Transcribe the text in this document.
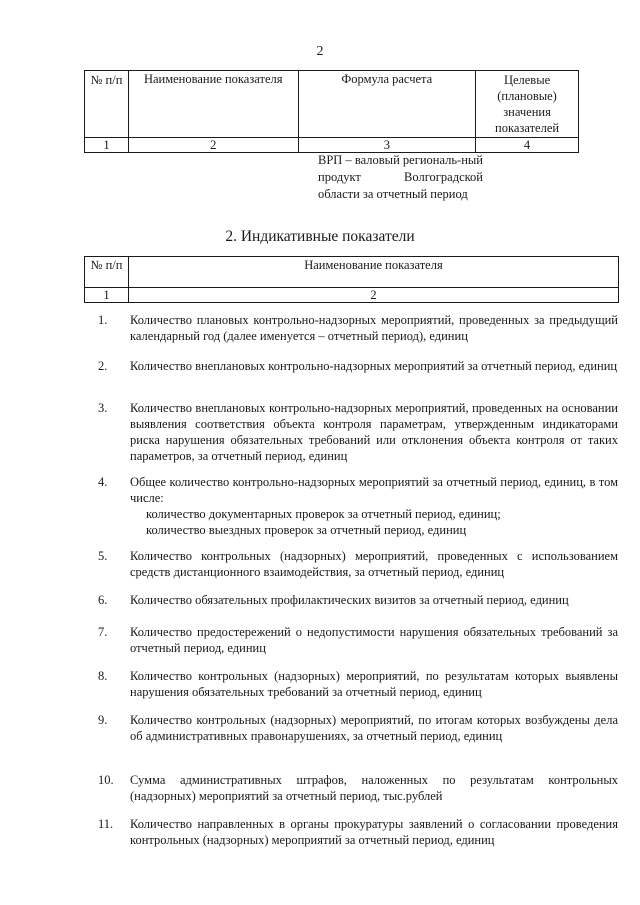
2
№ п/п	Наименование показателя	Формула расчета	Целевые (плановые) значения показателей
1	2	3	4
ВРП – валовый региональ-ный продукт Волгоградской области за отчетный период
2. Индикативные показатели
№ п/п	Наименование показателя
1	2
1.	Количество плановых контрольно-надзорных мероприятий, проведенных за предыдущий календарный год (далее именуется – отчетный период), единиц
2.	Количество внеплановых контрольно-надзорных мероприятий за отчетный период, единиц
3.	Количество внеплановых контрольно-надзорных мероприятий, проведенных на основании выявления соответствия объекта контроля параметрам, утвержденным индикаторами риска нарушения обязательных требований или отклонения объекта контроля от таких параметров, за отчетный период, единиц
4.	Общее количество контрольно-надзорных мероприятий за отчетный период, единиц, в том числе:
количество документарных проверок за отчетный период, единиц;
количество выездных проверок за отчетный период, единиц
5.	Количество контрольных (надзорных) мероприятий, проведенных с использованием средств дистанционного взаимодействия, за отчетный период, единиц
6.	Количество обязательных профилактических визитов за отчетный период, единиц
7.	Количество предостережений о недопустимости нарушения обязательных требований за отчетный период, единиц
8.	Количество контрольных (надзорных) мероприятий, по результатам которых выявлены нарушения обязательных требований за отчетный период, единиц
9.	Количество контрольных (надзорных) мероприятий, по итогам которых возбуждены дела об административных правонарушениях, за отчетный период, единиц
10.	Сумма административных штрафов, наложенных по результатам контрольных (надзорных) мероприятий за отчетный период, тыс.рублей
11.	Количество направленных в органы прокуратуры заявлений о согласовании проведения контрольных (надзорных) мероприятий за отчетный период, единиц
